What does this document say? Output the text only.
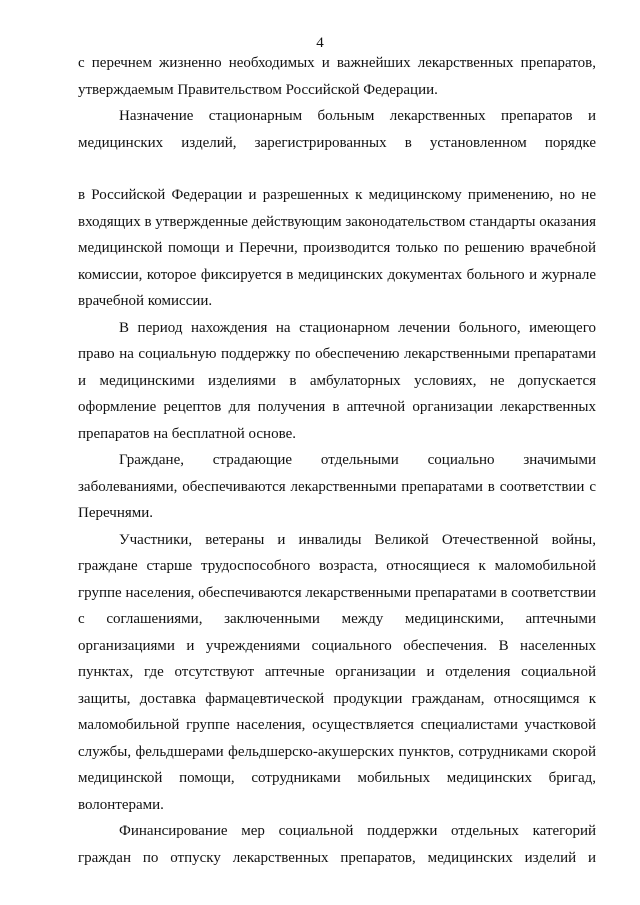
4

с перечнем жизненно необходимых и важнейших лекарственных препаратов, утверждаемым Правительством Российской Федерации.

Назначение стационарным больным лекарственных препаратов и медицинских изделий, зарегистрированных в установленном порядке

в Российской Федерации и разрешенных к медицинскому применению, но не входящих в утвержденные действующим законодательством стандарты оказания медицинской помощи и Перечни, производится только по решению врачебной комиссии, которое фиксируется в медицинских документах больного и журнале врачебной комиссии.

В период нахождения на стационарном лечении больного, имеющего право на социальную поддержку по обеспечению лекарственными препаратами и медицинскими изделиями в амбулаторных условиях, не допускается оформление рецептов для получения в аптечной организации лекарственных препаратов на бесплатной основе.

Граждане, страдающие отдельными социально значимыми заболеваниями, обеспечиваются лекарственными препаратами в соответствии с Перечнями.

Участники, ветераны и инвалиды Великой Отечественной войны, граждане старше трудоспособного возраста, относящиеся к маломобильной группе населения, обеспечиваются лекарственными препаратами в соответствии с соглашениями, заключенными между медицинскими, аптечными организациями и учреждениями социального обеспечения. В населенных пунктах, где отсутствуют аптечные организации и отделения социальной защиты, доставка фармацевтической продукции гражданам, относящимся к маломобильной группе населения, осуществляется специалистами участковой службы, фельдшерами фельдшерско-акушерских пунктов, сотрудниками скорой медицинской помощи, сотрудниками мобильных медицинских бригад, волонтерами.

Финансирование мер социальной поддержки отдельных категорий граждан по отпуску лекарственных препаратов, медицинских изделий и
